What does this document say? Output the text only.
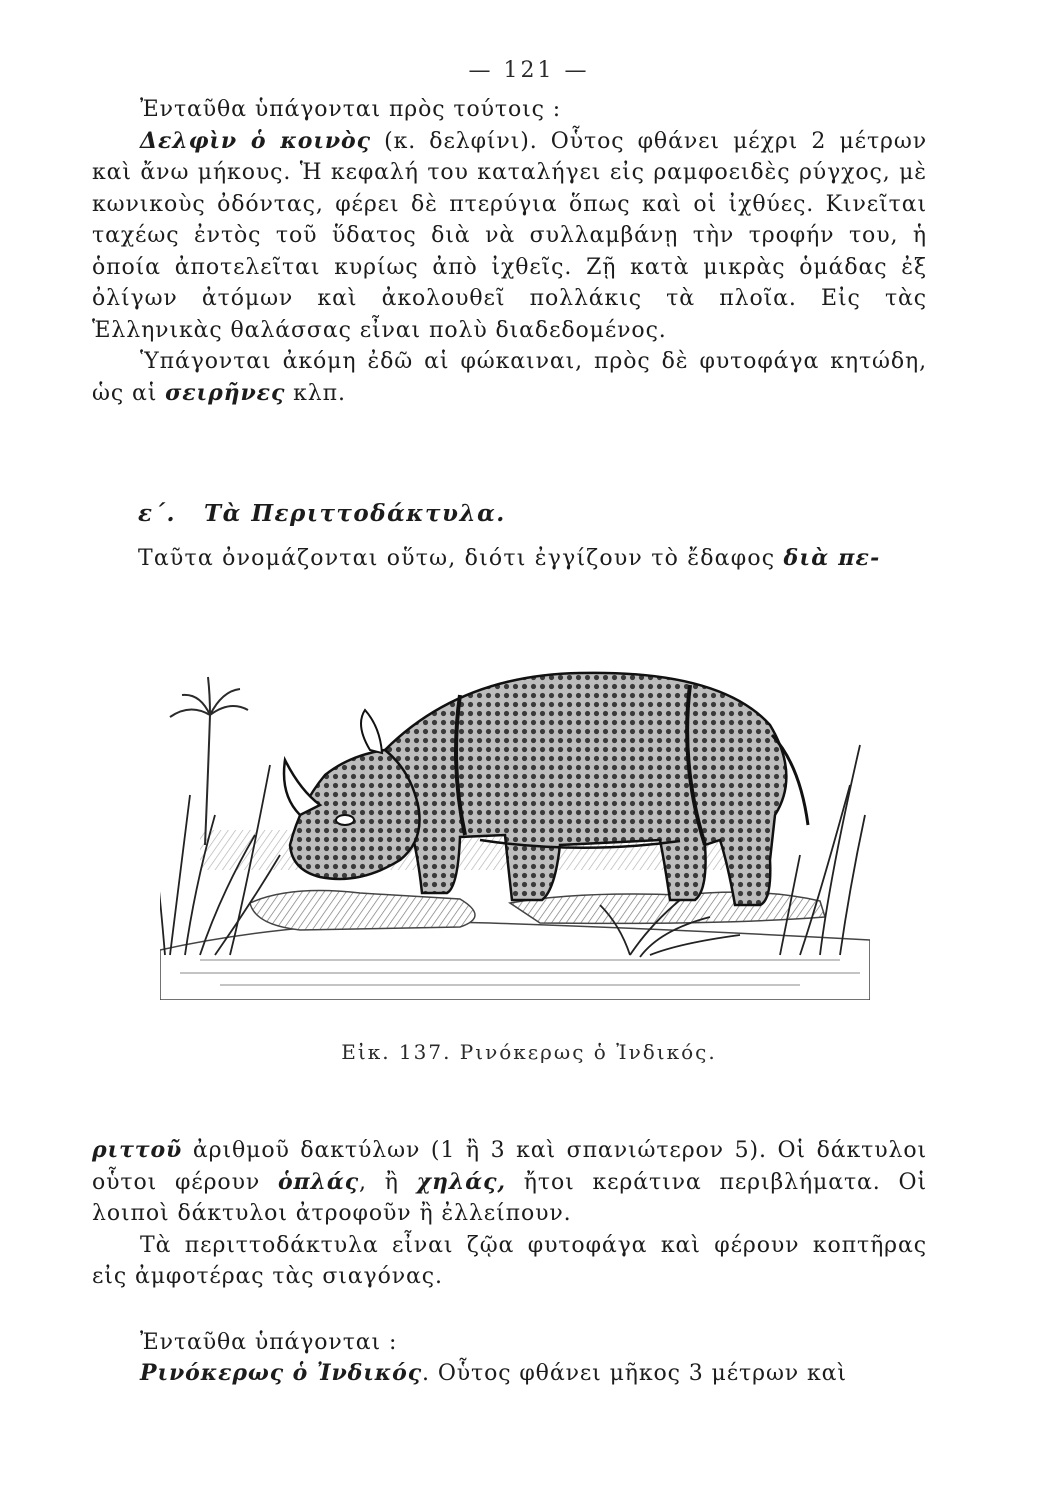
— 121 —

Ἐνταῦθα ὑπάγονται πρὸς τούτοις :

Δελφὶν ὁ κοινὸς (κ. δελφίνι). Οὗτος φθάνει μέχρι 2 μέτρων καὶ ἄνω μήκους. Ἡ κεφαλή του καταλήγει εἰς ραμφοειδὲς ρύγχος, μὲ κωνικοὺς ὀδόντας, φέρει δὲ πτερύγια ὅπως καὶ οἱ ἰχθύες. Κινεῖται ταχέως ἐντὸς τοῦ ὕδατος διὰ νὰ συλλαμβάνῃ τὴν τροφήν του, ἡ ὁποία ἀποτελεῖται κυρίως ἀπὸ ἰχθεῖς. Ζῇ κατὰ μικρὰς ὁμάδας ἐξ ὀλίγων ἀτόμων καὶ ἀκολουθεῖ πολλάκις τὰ πλοῖα. Εἰς τὰς Ἑλληνικὰς θαλάσσας εἶναι πολὺ διαδεδομένος.

Ὑπάγονται ἀκόμη ἐδῶ αἱ φώκαιναι, πρὸς δὲ φυτοφάγα κητώδη, ὡς αἱ σειρῆνες κλπ.

ε΄. Τὰ Περιττοδάκτυλα.
Ταῦτα ὀνομάζονται οὕτω, διότι ἐγγίζουν τὸ ἔδαφος διὰ πε-
Εἰκ. 137. Ρινόκερως ὁ Ἰνδικός.

ριττοῦ ἀριθμοῦ δακτύλων (1 ἢ 3 καὶ σπανιώτερον 5). Οἱ δάκτυλοι οὗτοι φέρουν ὁπλάς, ἢ χηλάς, ἤτοι κεράτινα περιβλήματα. Οἱ λοιποὶ δάκτυλοι ἀτροφοῦν ἢ ἐλλείπουν.

Τὰ περιττοδάκτυλα εἶναι ζῷα φυτοφάγα καὶ φέρουν κοπτῆρας εἰς ἀμφοτέρας τὰς σιαγόνας.

Ἐνταῦθα ὑπάγονται :

Ρινόκερως ὁ Ἰνδικός. Οὗτος φθάνει μῆκος 3 μέτρων καὶ
